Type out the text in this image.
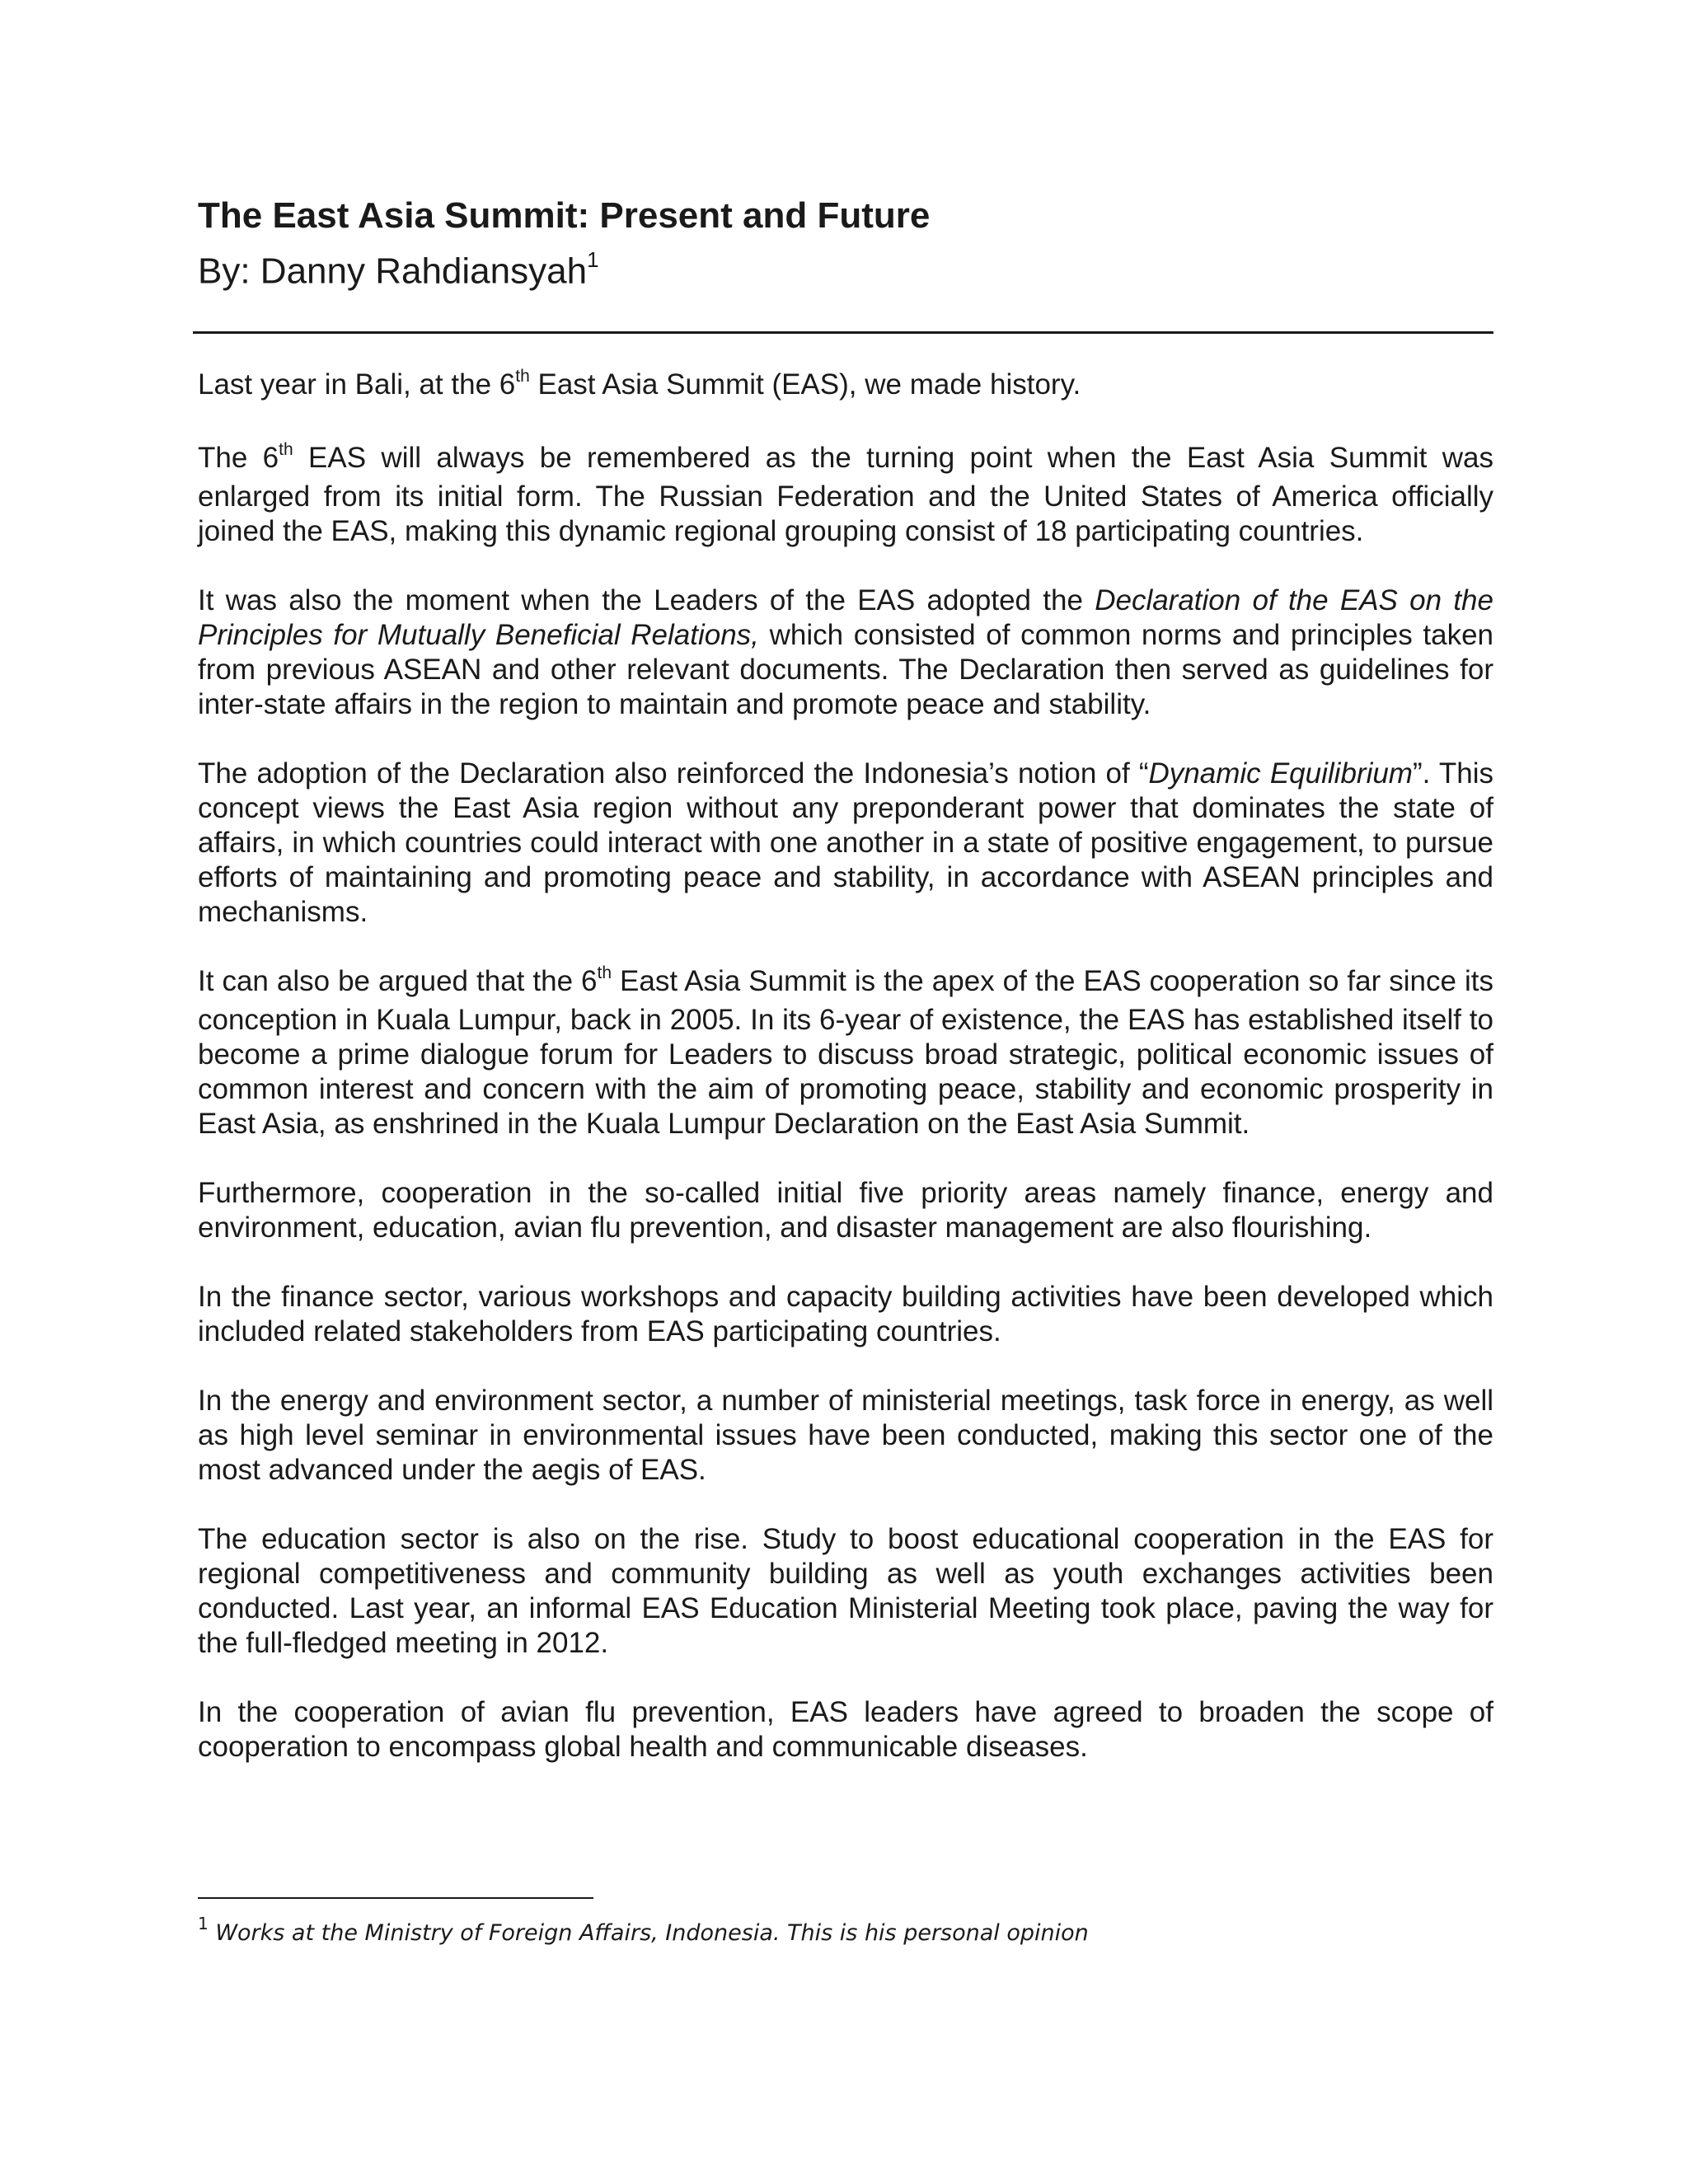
The East Asia Summit: Present and Future
By: Danny Rahdiansyah$^1$

Last year in Bali, at the 6th East Asia Summit (EAS), we made history.

The 6th EAS will always be remembered as the turning point when the East Asia Summit was enlarged from its initial form. The Russian Federation and the United States of America officially joined the EAS, making this dynamic regional grouping consist of 18 participating countries.

It was also the moment when the Leaders of the EAS adopted the Declaration of the EAS on the Principles for Mutually Beneficial Relations, which consisted of common norms and principles taken from previous ASEAN and other relevant documents. The Declaration then served as guidelines for inter-state affairs in the region to maintain and promote peace and stability.

The adoption of the Declaration also reinforced the Indonesia’s notion of “Dynamic Equilibrium”. This concept views the East Asia region without any preponderant power that dominates the state of affairs, in which countries could interact with one another in a state of positive engagement, to pursue efforts of maintaining and promoting peace and stability, in accordance with ASEAN principles and mechanisms.

It can also be argued that the 6th East Asia Summit is the apex of the EAS cooperation so far since its conception in Kuala Lumpur, back in 2005. In its 6-year of existence, the EAS has established itself to become a prime dialogue forum for Leaders to discuss broad strategic, political economic issues of common interest and concern with the aim of promoting peace, stability and economic prosperity in East Asia, as enshrined in the Kuala Lumpur Declaration on the East Asia Summit.

Furthermore, cooperation in the so-called initial five priority areas namely finance, energy and environment, education, avian flu prevention, and disaster management are also flourishing.

In the finance sector, various workshops and capacity building activities have been developed which included related stakeholders from EAS participating countries.

In the energy and environment sector, a number of ministerial meetings, task force in energy, as well as high level seminar in environmental issues have been conducted, making this sector one of the most advanced under the aegis of EAS.

The education sector is also on the rise. Study to boost educational cooperation in the EAS for regional competitiveness and community building as well as youth exchanges activities been conducted. Last year, an informal EAS Education Ministerial Meeting took place, paving the way for the full-fledged meeting in 2012.

In the cooperation of avian flu prevention, EAS leaders have agreed to broaden the scope of cooperation to encompass global health and communicable diseases.

$^1$ Works at the Ministry of Foreign Affairs, Indonesia. This is his personal opinion
